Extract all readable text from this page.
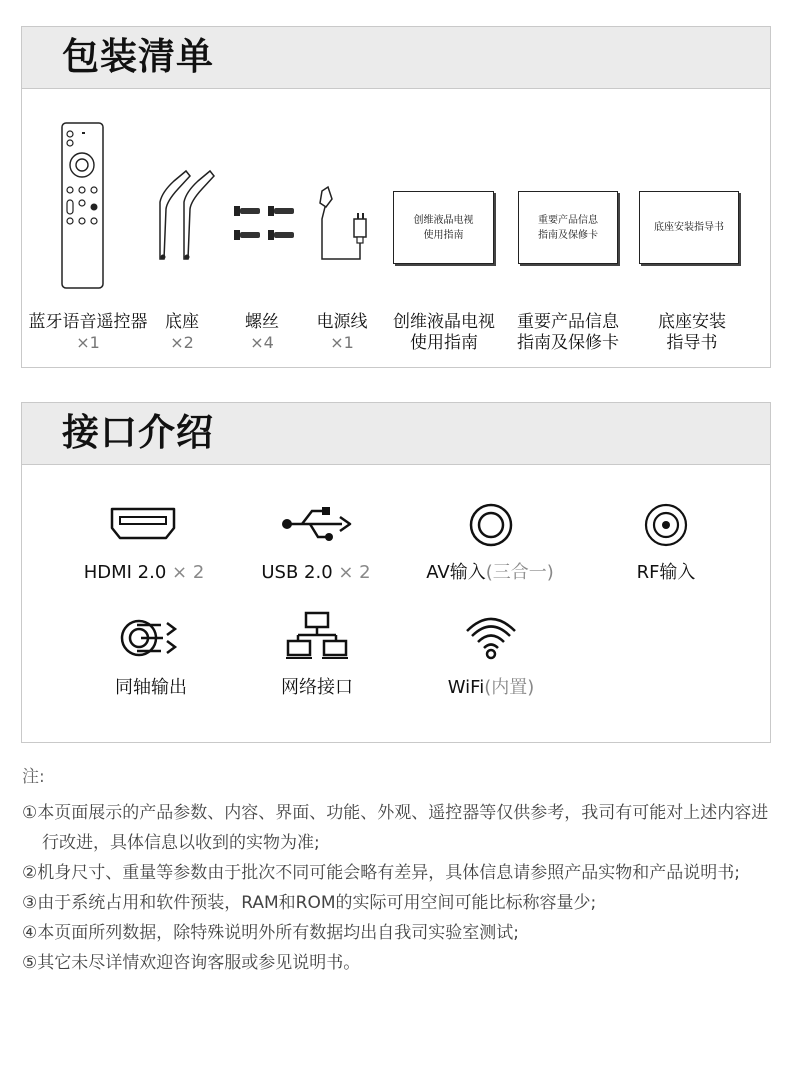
包装清单
创维液晶电视
使用指南
重要产品信息
指南及保修卡
底座安装指导书
蓝牙语音遥控器
×1
底座
×2
螺丝
×4
电源线
×1
创维液晶电视
使用指南
重要产品信息
指南及保修卡
底座安装
指导书
接口介绍
HDMI 2.0 × 2	USB 2.0 × 2	AV输入(三合一)	RF输入
同轴输出	网络接口	WiFi(内置)
注:
①本页面展示的产品参数、内容、界面、功能、外观、遥控器等仅供参考，我司有可能对上述内容进行改进，具体信息以收到的实物为准;
②机身尺寸、重量等参数由于批次不同可能会略有差异，具体信息请参照产品实物和产品说明书;
③由于系统占用和软件预装，RAM和ROM的实际可用空间可能比标称容量少;
④本页面所列数据，除特殊说明外所有数据均出自我司实验室测试;
⑤其它未尽详情欢迎咨询客服或参见说明书。
